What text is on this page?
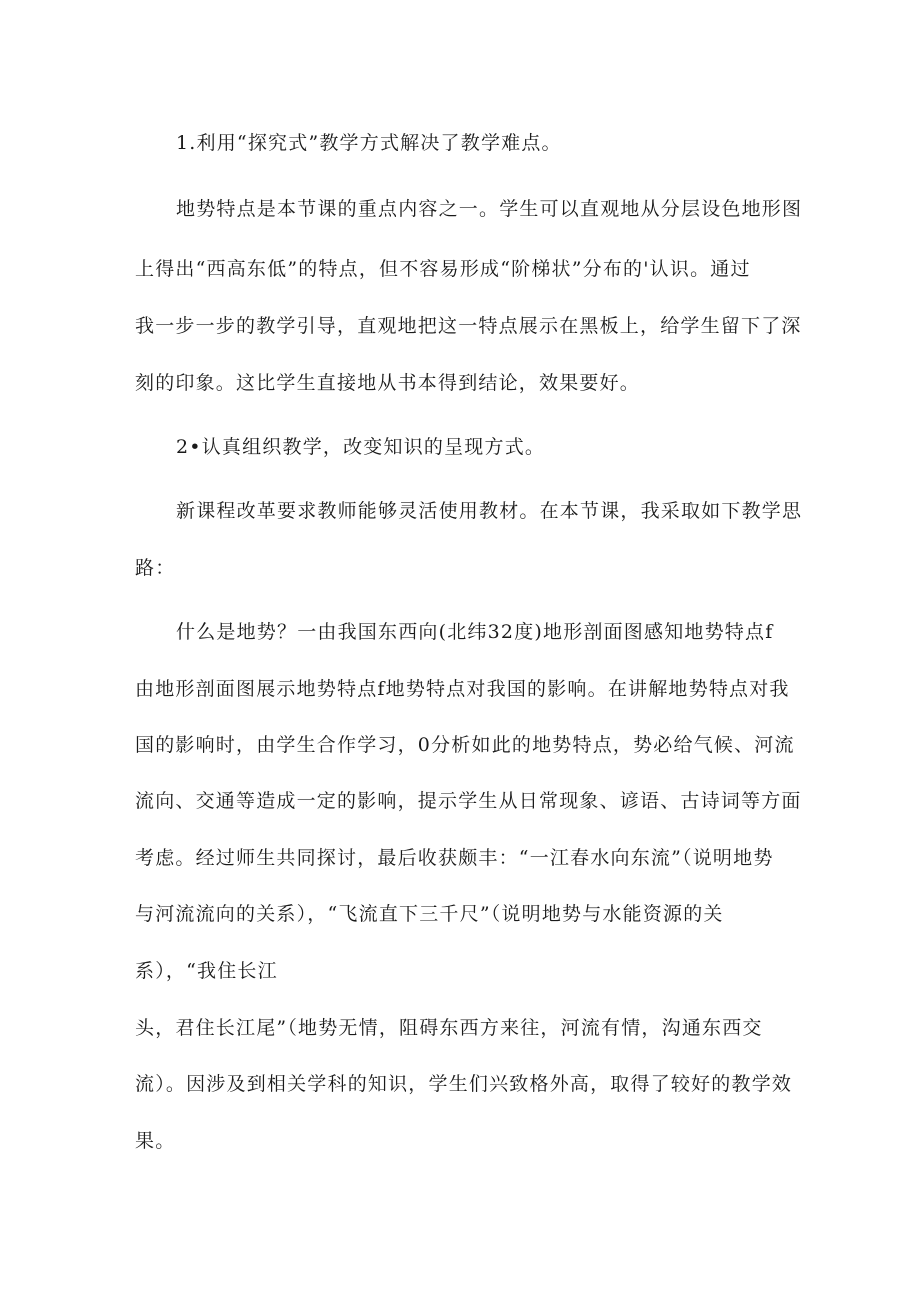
1.利用“探究式”教学方式解决了教学难点。
地势特点是本节课的重点内容之一。学生可以直观地从分层设色地形图
上得出“西高东低”的特点，但不容易形成“阶梯状”分布的'认识。通过
我一步一步的教学引导，直观地把这一特点展示在黑板上，给学生留下了深
刻的印象。这比学生直接地从书本得到结论，效果要好。
2•认真组织教学，改变知识的呈现方式。
新课程改革要求教师能够灵活使用教材。在本节课，我采取如下教学思
路：
什么是地势？一由我国东西向(北纬32度)地形剖面图感知地势特点f
由地形剖面图展示地势特点f地势特点对我国的影响。在讲解地势特点对我
国的影响时，由学生合作学习，0分析如此的地势特点，势必给气候、河流
流向、交通等造成一定的影响，提示学生从日常现象、谚语、古诗词等方面
考虑。经过师生共同探讨，最后收获颇丰：“一江春水向东流”（说明地势
与河流流向的关系），“飞流直下三千尺”（说明地势与水能资源的关
系），“我住长江
头，君住长江尾”（地势无情，阻碍东西方来往，河流有情，沟通东西交
流）。因涉及到相关学科的知识，学生们兴致格外高，取得了较好的教学效
果。
